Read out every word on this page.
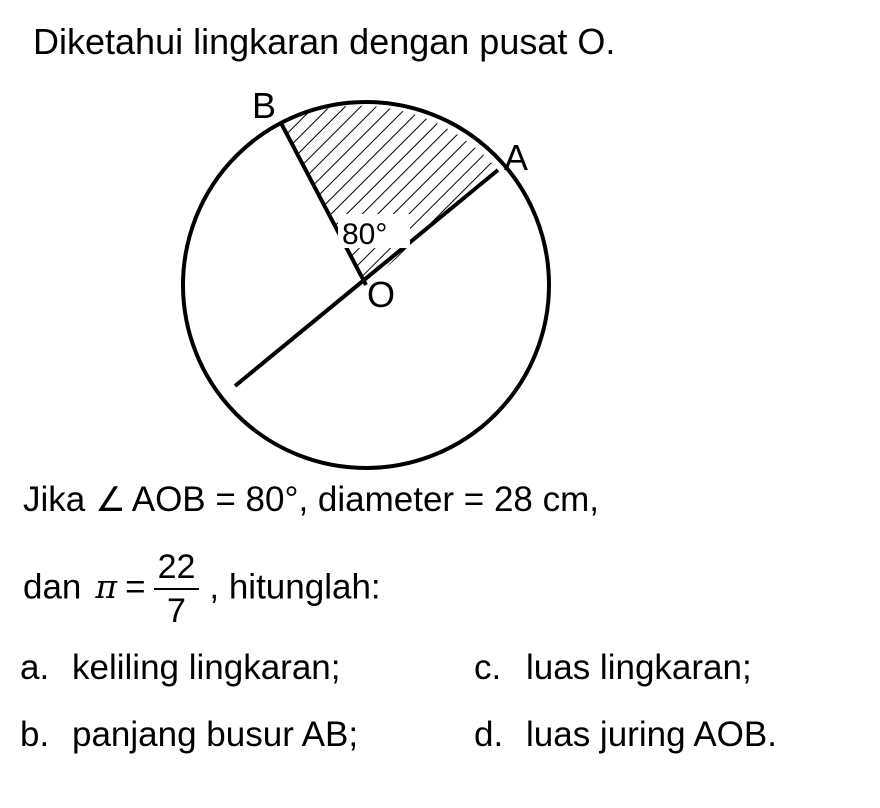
Diketahui lingkaran dengan pusat O.
B
A
O
80°
Jika ∠ AOB = 80°, diameter = 28 cm,
dan $\pi = \frac{22}{7}$ , hitunglah:
a. keliling lingkaran;
b. panjang busur AB;
c. luas lingkaran;
d. luas juring AOB.
